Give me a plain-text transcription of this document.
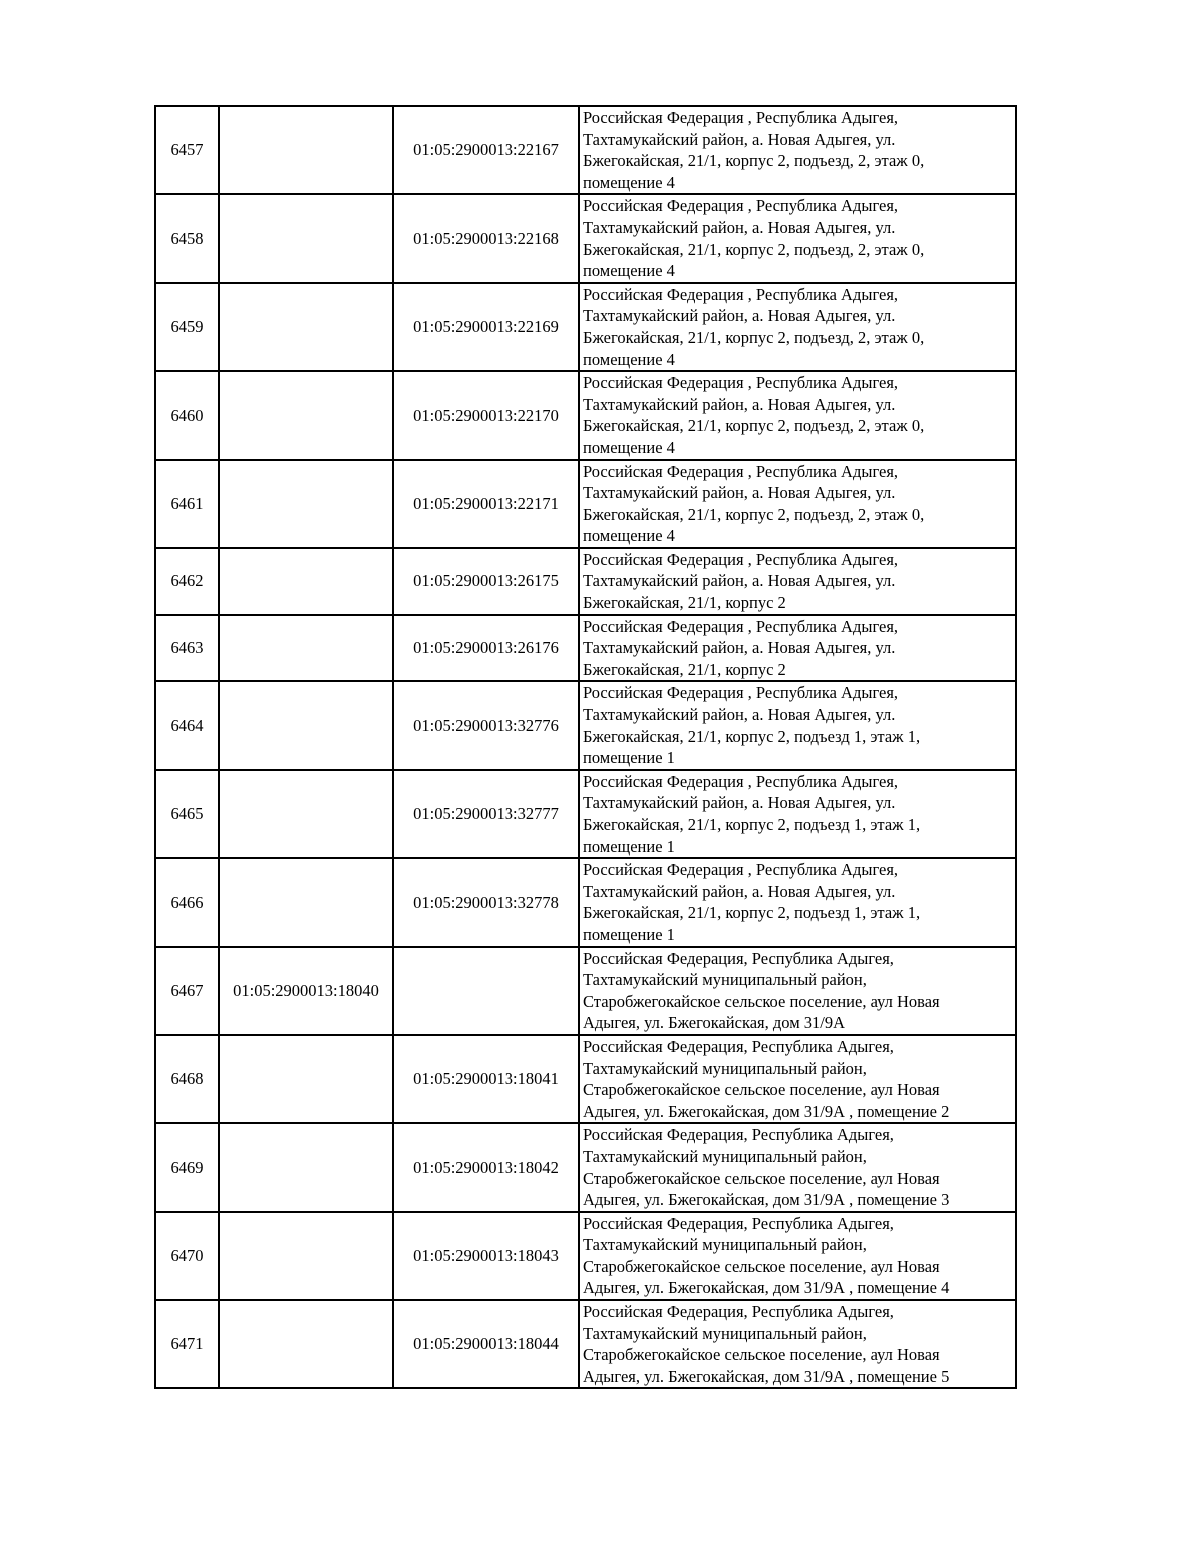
6457		01:05:2900013:22167	Российская Федерация , Республика Адыгея,
Тахтамукайский район, а. Новая Адыгея, ул.
Бжегокайская, 21/1, корпус 2, подъезд, 2, этаж 0,
помещение 4

6458		01:05:2900013:22168	Российская Федерация , Республика Адыгея,
Тахтамукайский район, а. Новая Адыгея, ул.
Бжегокайская, 21/1, корпус 2, подъезд, 2, этаж 0,
помещение 4

6459		01:05:2900013:22169	Российская Федерация , Республика Адыгея,
Тахтамукайский район, а. Новая Адыгея, ул.
Бжегокайская, 21/1, корпус 2, подъезд, 2, этаж 0,
помещение 4

6460		01:05:2900013:22170	Российская Федерация , Республика Адыгея,
Тахтамукайский район, а. Новая Адыгея, ул.
Бжегокайская, 21/1, корпус 2, подъезд, 2, этаж 0,
помещение 4

6461		01:05:2900013:22171	Российская Федерация , Республика Адыгея,
Тахтамукайский район, а. Новая Адыгея, ул.
Бжегокайская, 21/1, корпус 2, подъезд, 2, этаж 0,
помещение 4

6462		01:05:2900013:26175	Российская Федерация , Республика Адыгея,
Тахтамукайский район, а. Новая Адыгея, ул.
Бжегокайская, 21/1, корпус 2

6463		01:05:2900013:26176	Российская Федерация , Республика Адыгея,
Тахтамукайский район, а. Новая Адыгея, ул.
Бжегокайская, 21/1, корпус 2

6464		01:05:2900013:32776	Российская Федерация , Республика Адыгея,
Тахтамукайский район, а. Новая Адыгея, ул.
Бжегокайская, 21/1, корпус 2, подъезд 1, этаж 1,
помещение 1

6465		01:05:2900013:32777	Российская Федерация , Республика Адыгея,
Тахтамукайский район, а. Новая Адыгея, ул.
Бжегокайская, 21/1, корпус 2, подъезд 1, этаж 1,
помещение 1

6466		01:05:2900013:32778	Российская Федерация , Республика Адыгея,
Тахтамукайский район, а. Новая Адыгея, ул.
Бжегокайская, 21/1, корпус 2, подъезд 1, этаж 1,
помещение 1

6467	01:05:2900013:18040		Российская Федерация, Республика Адыгея,
Тахтамукайский муниципальный район,
Старобжегокайское сельское поселение, аул Новая
Адыгея, ул. Бжегокайская, дом 31/9А

6468		01:05:2900013:18041	Российская Федерация, Республика Адыгея,
Тахтамукайский муниципальный район,
Старобжегокайское сельское поселение, аул Новая
Адыгея, ул. Бжегокайская, дом 31/9А , помещение 2

6469		01:05:2900013:18042	Российская Федерация, Республика Адыгея,
Тахтамукайский муниципальный район,
Старобжегокайское сельское поселение, аул Новая
Адыгея, ул. Бжегокайская, дом 31/9А , помещение 3

6470		01:05:2900013:18043	Российская Федерация, Республика Адыгея,
Тахтамукайский муниципальный район,
Старобжегокайское сельское поселение, аул Новая
Адыгея, ул. Бжегокайская, дом 31/9А , помещение 4

6471		01:05:2900013:18044	Российская Федерация, Республика Адыгея,
Тахтамукайский муниципальный район,
Старобжегокайское сельское поселение, аул Новая
Адыгея, ул. Бжегокайская, дом 31/9А , помещение 5
